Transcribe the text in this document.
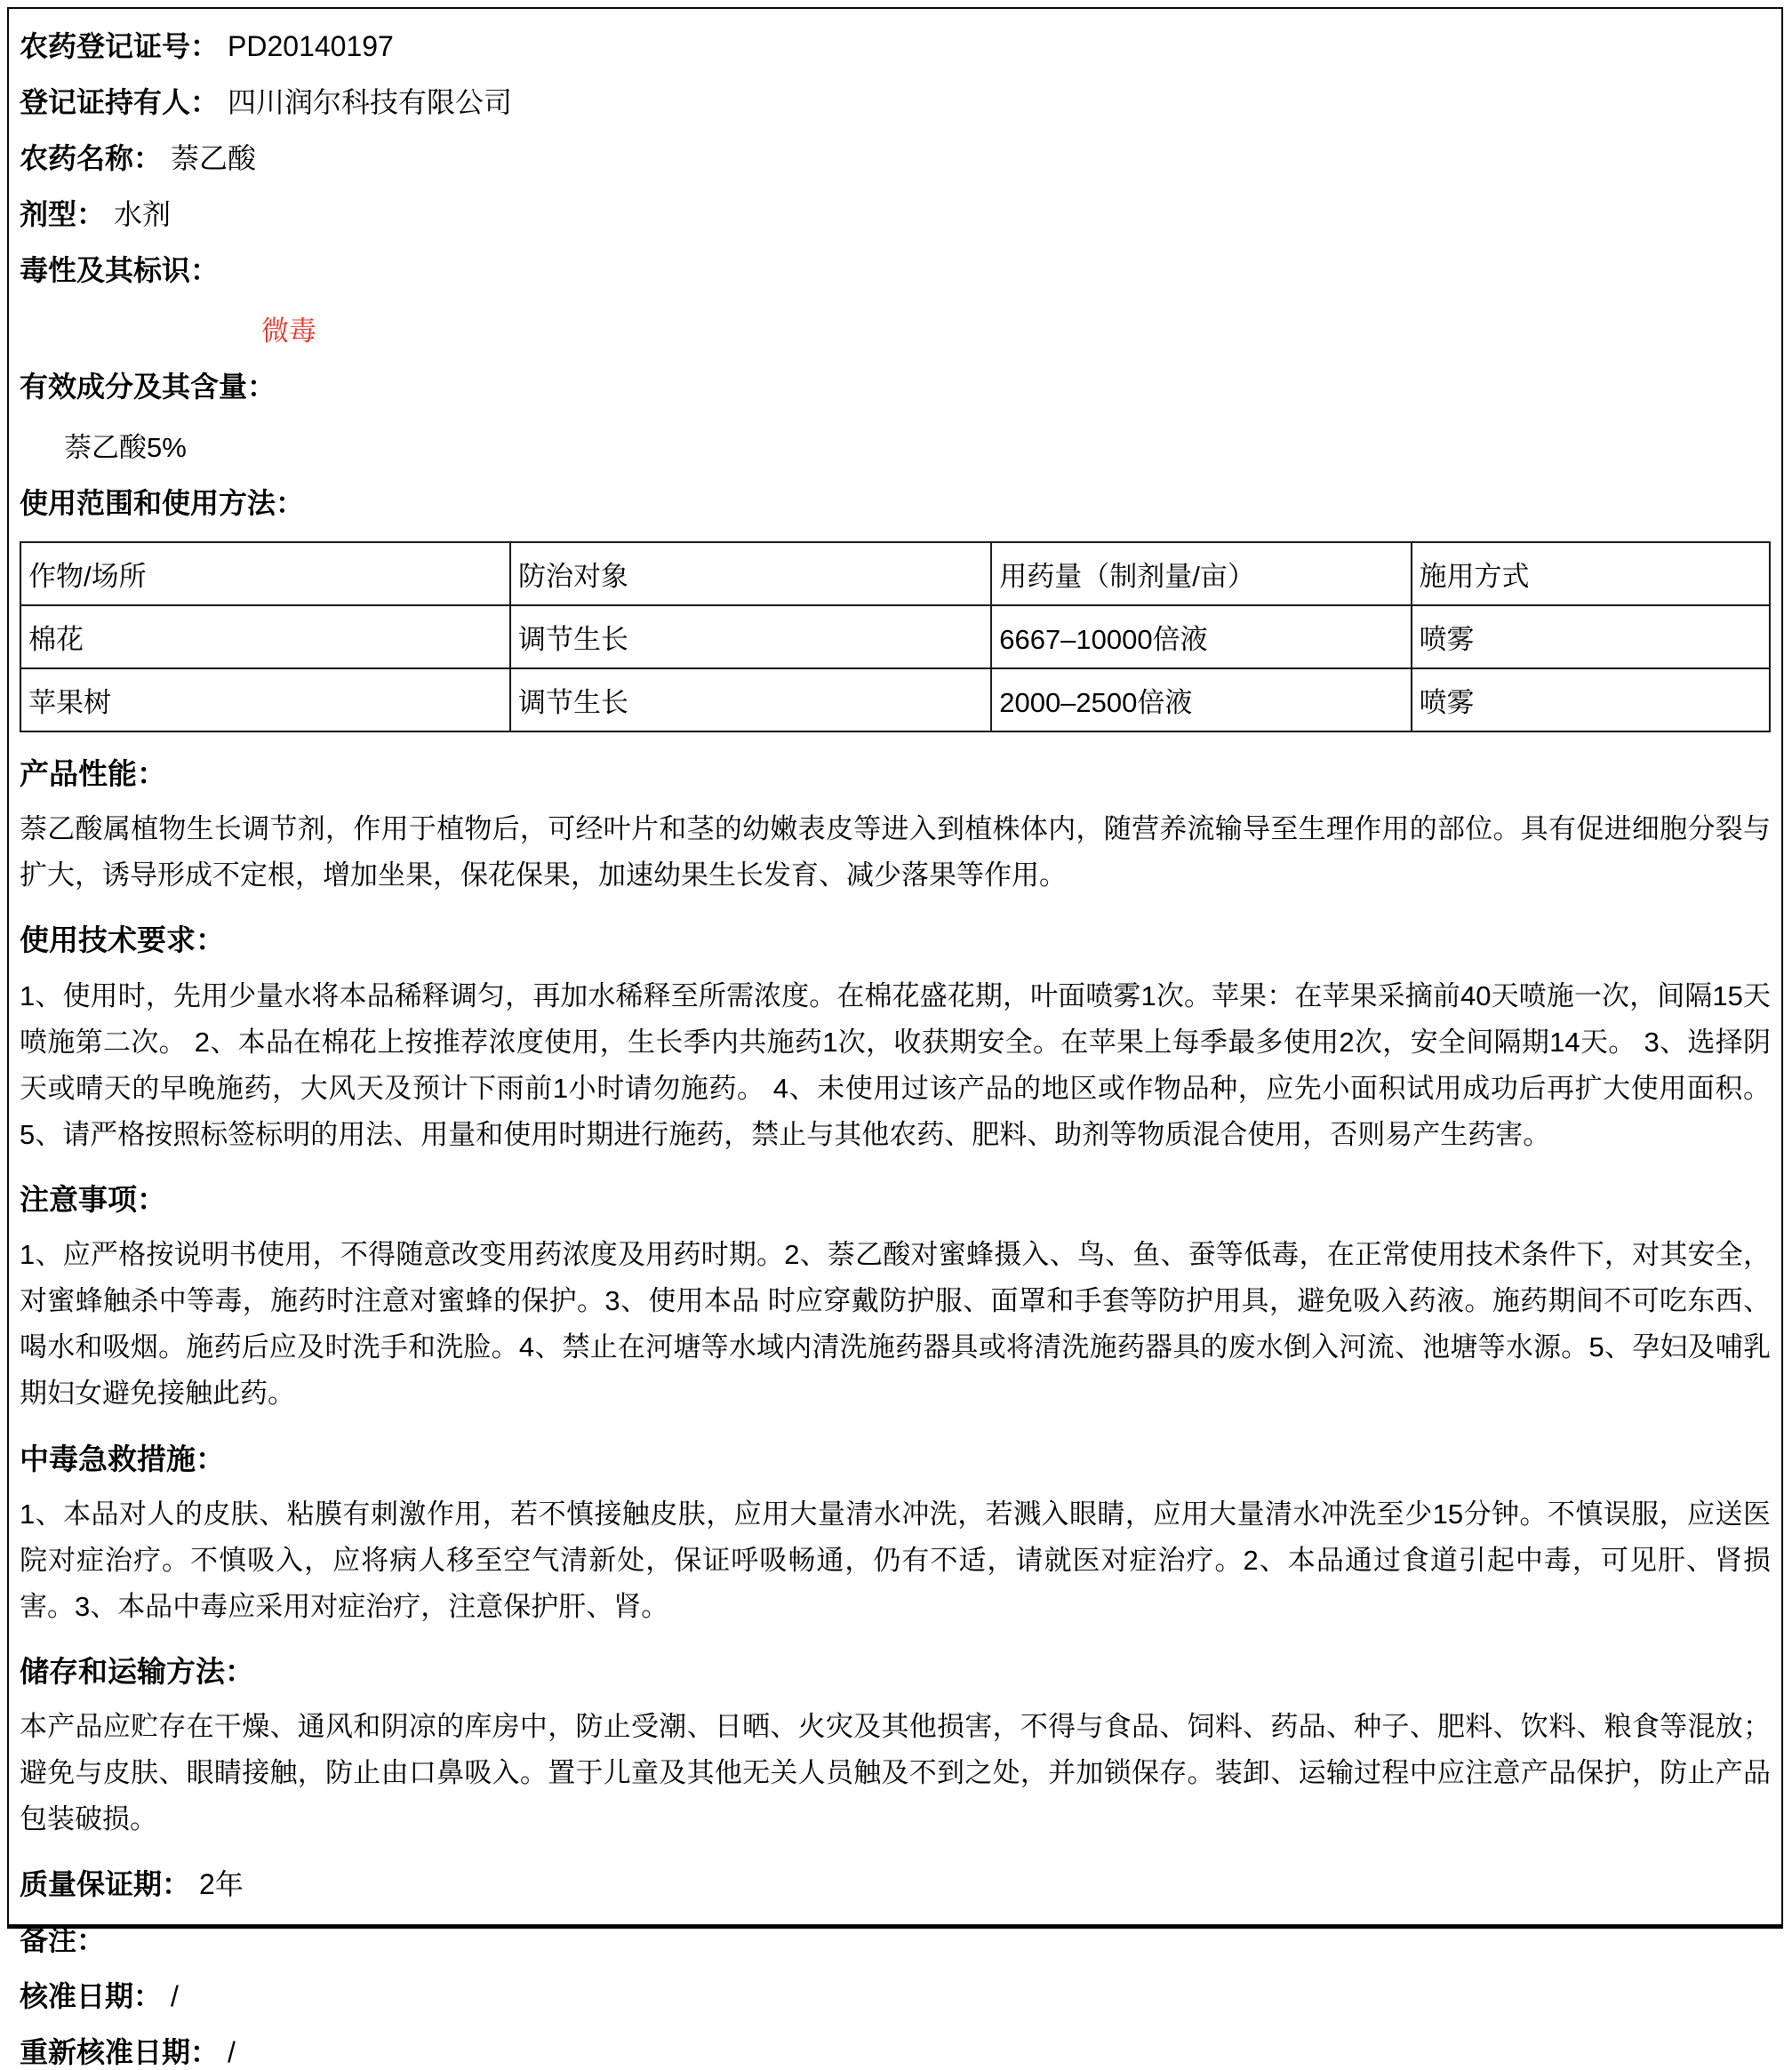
农药登记证号： PD20140197
登记证持有人： 四川润尔科技有限公司
农药名称： 萘乙酸
剂型： 水剂
毒性及其标识：
微毒
有效成分及其含量：
萘乙酸5%
使用范围和使用方法：
作物/场所	防治对象	用药量（制剂量/亩）	施用方式
棉花	调节生长	6667–10000倍液	喷雾
苹果树	调节生长	2000–2500倍液	喷雾
产品性能：
萘乙酸属植物生长调节剂，作用于植物后，可经叶片和茎的幼嫩表皮等进入到植株体内，随营养流输导至生理作用的部位。具有促进细胞分裂与扩大，诱导形成不定根，增加坐果，保花保果，加速幼果生长发育、减少落果等作用。
使用技术要求：
1、使用时，先用少量水将本品稀释调匀，再加水稀释至所需浓度。在棉花盛花期，叶面喷雾1次。苹果：在苹果采摘前40天喷施一次，间隔15天喷施第二次。 2、本品在棉花上按推荐浓度使用，生长季内共施药1次，收获期安全。在苹果上每季最多使用2次，安全间隔期14天。 3、选择阴天或晴天的早晚施药，大风天及预计下雨前1小时请勿施药。 4、未使用过该产品的地区或作物品种，应先小面积试用成功后再扩大使用面积。 5、请严格按照标签标明的用法、用量和使用时期进行施药，禁止与其他农药、肥料、助剂等物质混合使用，否则易产生药害。
注意事项：
1、应严格按说明书使用，不得随意改变用药浓度及用药时期。2、萘乙酸对蜜蜂摄入、鸟、鱼、蚕等低毒，在正常使用技术条件下，对其安全，对蜜蜂触杀中等毒，施药时注意对蜜蜂的保护。3、使用本品 时应穿戴防护服、面罩和手套等防护用具，避免吸入药液。施药期间不可吃东西、喝水和吸烟。施药后应及时洗手和洗脸。4、禁止在河塘等水域内清洗施药器具或将清洗施药器具的废水倒入河流、池塘等水源。5、孕妇及哺乳期妇女避免接触此药。
中毒急救措施：
1、本品对人的皮肤、粘膜有刺激作用，若不慎接触皮肤，应用大量清水冲洗，若溅入眼睛，应用大量清水冲洗至少15分钟。不慎误服，应送医院对症治疗。不慎吸入，应将病人移至空气清新处，保证呼吸畅通，仍有不适，请就医对症治疗。2、本品通过食道引起中毒，可见肝、肾损害。3、本品中毒应采用对症治疗，注意保护肝、肾。
储存和运输方法：
本产品应贮存在干燥、通风和阴凉的库房中，防止受潮、日晒、火灾及其他损害，不得与食品、饲料、药品、种子、肥料、饮料、粮食等混放；避免与皮肤、眼睛接触，防止由口鼻吸入。置于儿童及其他无关人员触及不到之处，并加锁保存。装卸、运输过程中应注意产品保护，防止产品包装破损。
质量保证期： 2年
备注：
核准日期： /
重新核准日期： /
